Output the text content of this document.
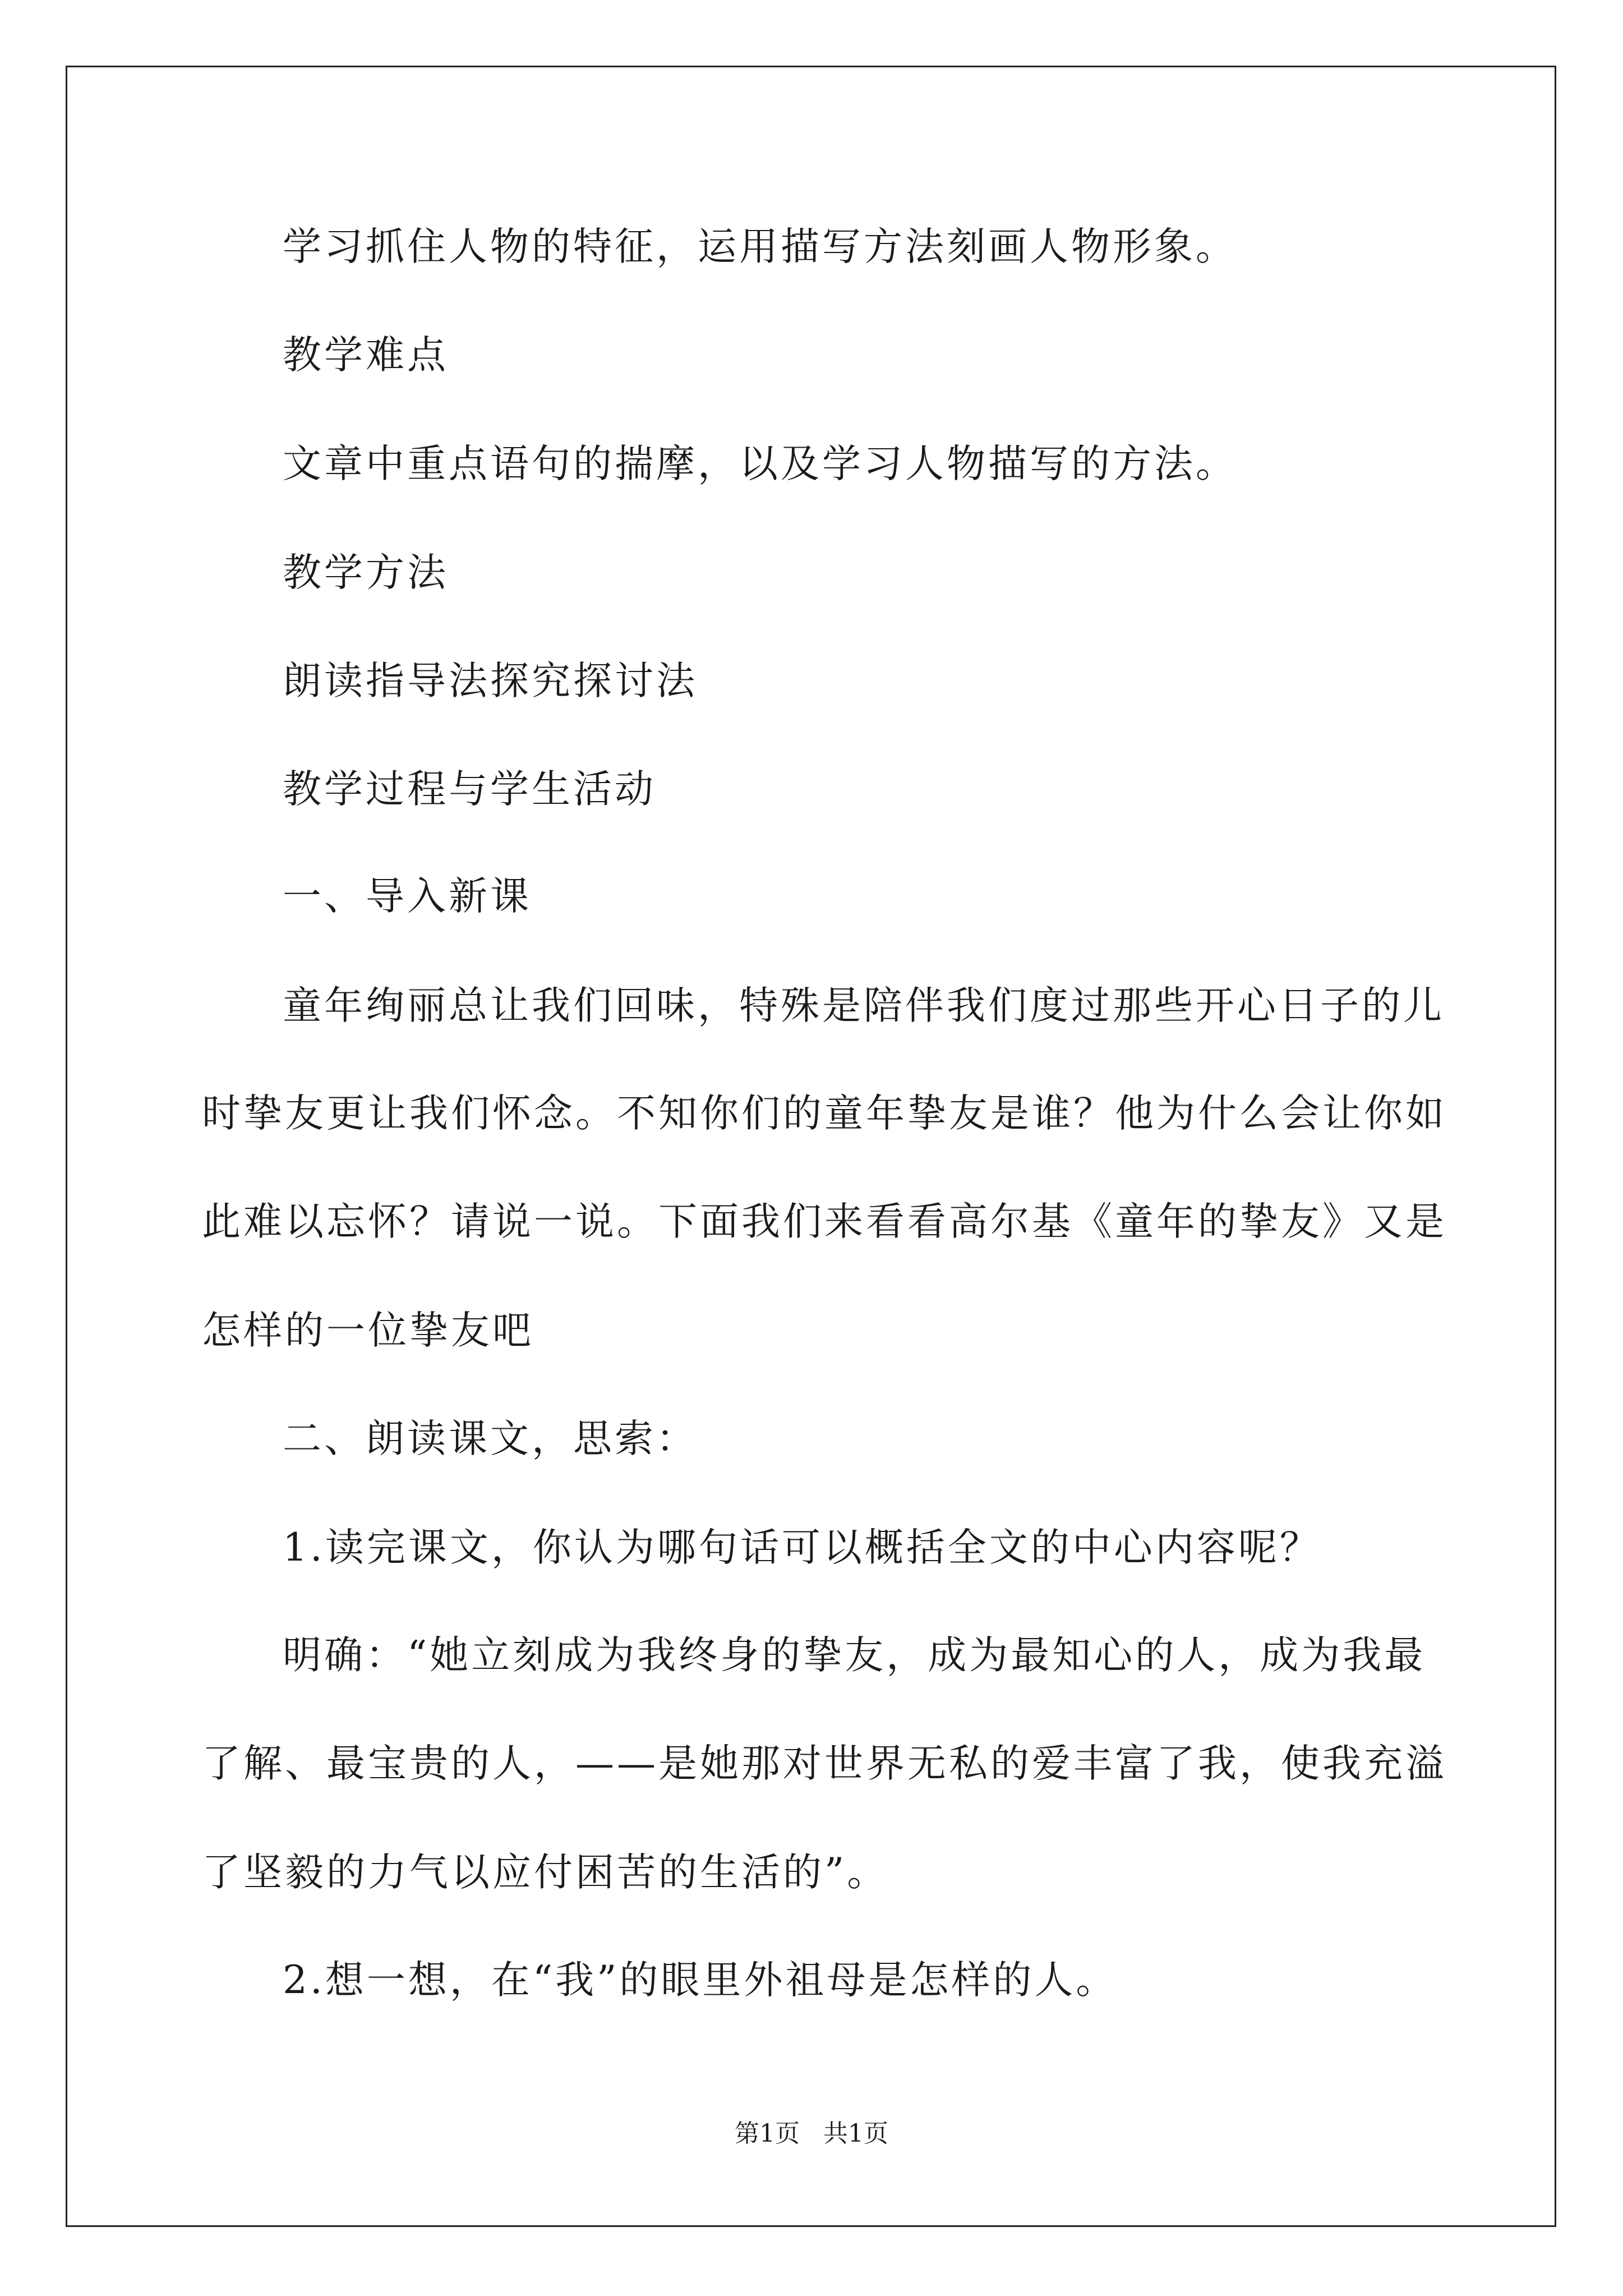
学习抓住人物的特征，运用描写方法刻画人物形象。
教学难点
文章中重点语句的揣摩，以及学习人物描写的方法。
教学方法
朗读指导法探究探讨法
教学过程与学生活动
一、导入新课
童年绚丽总让我们回味，特殊是陪伴我们度过那些开心日子的儿
时挚友更让我们怀念。不知你们的童年挚友是谁？他为什么会让你如
此难以忘怀？请说一说。下面我们来看看高尔基《童年的挚友》又是
怎样的一位挚友吧
二、朗读课文，思索：
1.读完课文，你认为哪句话可以概括全文的中心内容呢？
明确：“她立刻成为我终身的挚友，成为最知心的人，成为我最
了解、最宝贵的人，——是她那对世界无私的爱丰富了我，使我充溢
了坚毅的力气以应付困苦的生活的”。
2.想一想，在“我”的眼里外祖母是怎样的人。
第1页   共1页
